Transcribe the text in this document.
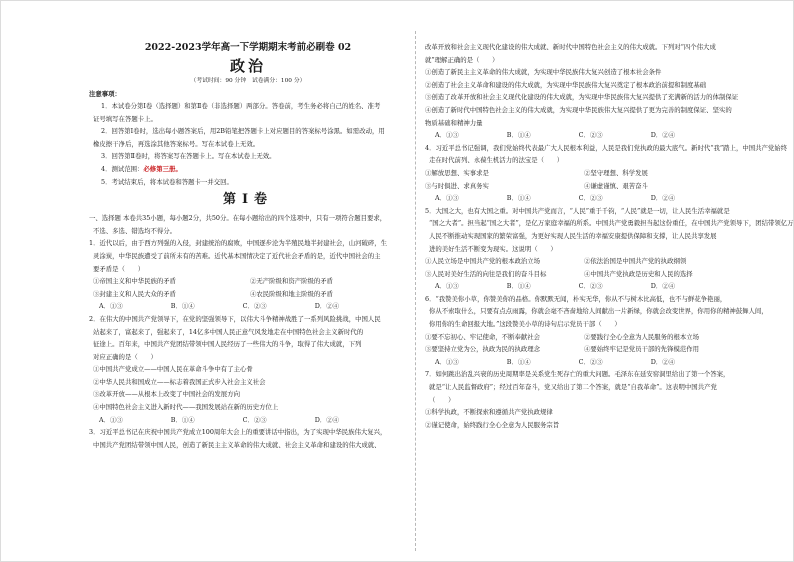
2022-2023学年高一下学期期末考前必刷卷 02
政治
（考试时间：90 分钟　试卷满分：100 分）
注意事项：
1．本试卷分第Ⅰ卷（选择题）和第Ⅱ卷（非选择题）两部分。答卷前，考生务必将自己的姓名、准考
证号填写在答题卡上。
2．回答第Ⅰ卷时，选出每小题答案后，用2B铅笔把答题卡上对应题目的答案标号涂黑。如需改动，用
橡皮擦干净后，再选涂其他答案标号。写在本试卷上无效。
3．回答第Ⅱ卷时，将答案写在答题卡上。写在本试卷上无效。
4．测试范围：必修第三册。
5．考试结束后，将本试卷和答题卡一并交回。
第Ⅰ卷
一、选择题 本卷共35小题，每小题2分，共50分。在每小题给出的四个选项中，只有一项符合题目要求，
不选、多选、错选均不得分。
1．近代以后，由于西方列强的入侵，封建统治的腐败，中国逐步沦为半殖民地半封建社会，山河破碎，生
灵涂炭，中华民族遭受了前所未有的苦难。近代基本国情决定了近代社会矛盾的是，近代中国社会的主
要矛盾是（　　）
①帝国主义和中华民族的矛盾	②无产阶级和资产阶级的矛盾
③封建主义和人民大众的矛盾	④农民阶级和地主阶级的矛盾
A．①③	B．①④	C．②③	D．②④
2．在伟大的中国共产党领导下，在党的坚强领导下，以伟大斗争精神战胜了一系列风险挑战，中国人民
站起来了，富起来了，强起来了，14亿多中国人民正意气风发地走在中国特色社会主义新时代的
征途上。百年来，中国共产党团结带领中国人民经历了一些伟大的斗争，取得了伟大成就，下列
对应正确的是（　　）
①中国共产党成立——中国人民在革命斗争中有了主心骨
②中华人民共和国成立——标志着我国正式步入社会主义社会
③改革开放——从根本上改变了中国社会的发展方向
④中国特色社会主义进入新时代——我国发展站在新的历史方位上
A．①③	B．①④	C．②③	D．②④
3．习近平总书记在庆祝中国共产党成立100周年大会上的重要讲话中指出，为了实现中华民族伟大复兴，
中国共产党团结带领中国人民，创造了新民主主义革命的伟大成就、社会主义革命和建设的伟大成就、
改革开放和社会主义现代化建设的伟大成就、新时代中国特色社会主义的伟大成就。下列对“四个伟大成
就”理解正确的是（　　）
①创造了新民主主义革命的伟大成就，为实现中华民族伟大复兴创造了根本社会条件
②创造了社会主义革命和建设的伟大成就，为实现中华民族伟大复兴奠定了根本政治前提和制度基础
③创造了改革开放和社会主义现代化建设的伟大成就，为实现中华民族伟大复兴提供了充满新的活力的体制保证
④创造了新时代中国特色社会主义的伟大成就，为实现中华民族伟大复兴提供了更为完善的制度保证、坚实的
物质基础和精神力量
A．①③	B．①④	C．②③	D．②④
4．习近平总书记强调，我们党始终代表最广大人民根本利益，人民是我们党执政的最大底气。新时代“我”踏上，中国共产党始终
走在时代前列、永葆生机活力的法宝是（　　）
①解放思想、实事求是	②坚守理想、科学发展
③与时俱进、求真务实	④谦虚谨慎、艰苦奋斗
A．①③	B．①④	C．②③	D．②④
5．大国之大，也有大国之重。对中国共产党而言，“人民”重于千钧，“人民”就是一切，让人民生活幸福就是
“国之大者”。担当起“国之大者”，是亿万家庭幸福的所系。中国共产党勇毅担当起这份重任，在中国共产党领导下，团结带领亿万
人民不断推动实现国家的繁荣富强，为更好实现人民生活的幸福安康提供保障和支撑，让人民共享发展
进的美好生活不断变为现实。这说明（　　）
①人民立场是中国共产党的根本政治立场	②依法治国是中国共产党的执政纲领
③人民对美好生活的向往是我们的奋斗目标	④中国共产党执政是历史和人民的选择
A．①③	B．①④	C．②③	D．②④
6．“我赞美你小草，你赞美你的品格。你默默无闻，朴实无华，你从不与树木比高低，也不与鲜花争艳丽，
你从不索取什么，只要有点点雨露，你就会毫不吝啬地给人间献出一片新绿，你就会改变世界，你用你的精神鼓舞人间，
你用你的生命回报大地。”这段赞美小草的诗句启示党员干部（　　）
①要不忘初心、牢记使命，不断奉献社会	②要践行全心全意为人民服务的根本立场
③要坚持立党为公，执政为民的执政理念	④要始终牢记是党员干部的先锋模范作用
A．①③	B．①④	C．②③	D．②④
7．如何跳出治乱兴衰的历史周期率是关系党生死存亡的重大问题。毛泽东在延安窑洞里给出了第一个答案，
就是“让人民监督政府”；经过百年奋斗，党又给出了第二个答案，就是“自我革命”。这表明中国共产党
（　　）
①科学执政，不断探索和遵循共产党执政规律
②谨记使命，始终践行全心全意为人民服务宗旨
